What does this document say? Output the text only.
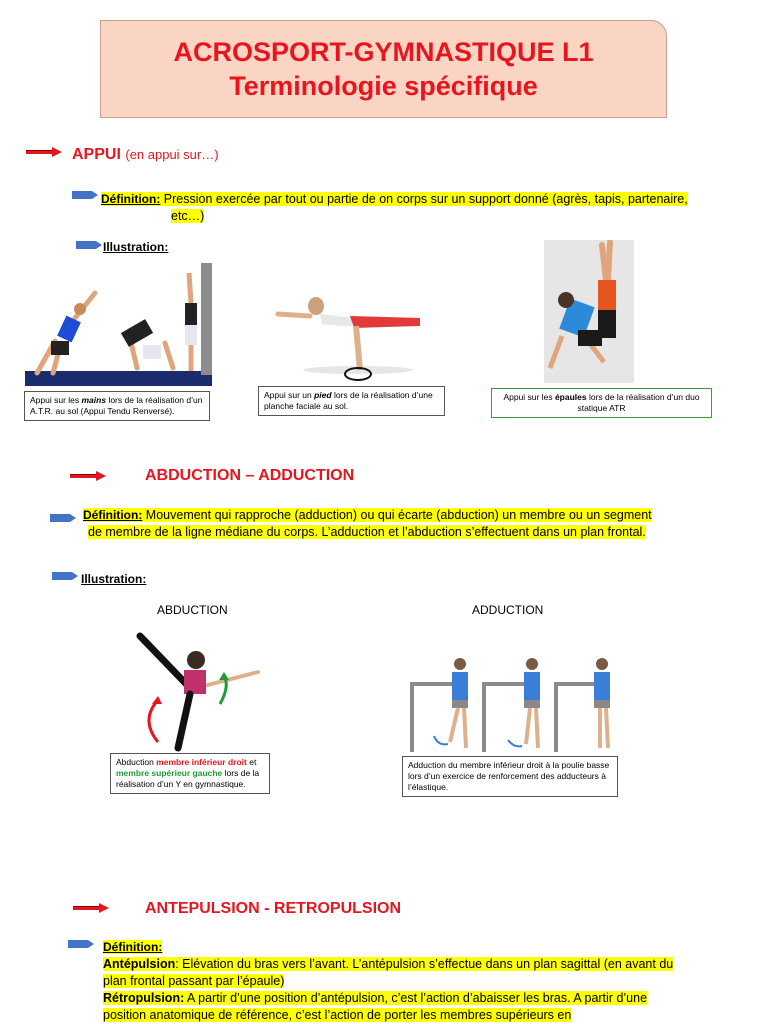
ACROSPORT-GYMNASTIQUE L1
Terminologie spécifique
APPUI (en appui sur…)
Définition: Pression exercée par tout ou partie de on corps sur un support donné (agrès, tapis, partenaire,
etc…)
Illustration:
Appui sur les mains lors de la réalisation d’un A.T.R. au sol (Appui Tendu Renversé).
Appui sur un pied lors de la réalisation d’une planche faciale au sol.
Appui sur les épaules lors de la réalisation d’un duo statique ATR
ABDUCTION – ADDUCTION
Définition: Mouvement qui rapproche (adduction) ou qui écarte (abduction) un membre ou un segment
de membre de la ligne médiane du corps. L’adduction et l’abduction s’effectuent dans un plan frontal.
Illustration:
ABDUCTION	ADDUCTION
Abduction membre inférieur droit et membre supérieur gauche lors de la réalisation d’un Y en gymnastique.
Adduction du membre inférieur droit à la poulie basse lors d’un exercice de renforcement des adducteurs à l’élastique.
ANTEPULSION - RETROPULSION
Définition:
Antépulsion: Elévation du bras vers l’avant. L’antépulsion s’effectue dans un plan sagittal (en avant du
plan frontal passant par l’épaule)
Rétropulsion: A partir d’une position d’antépulsion, c’est l’action d’abaisser les bras. A partir d’une
position anatomique de référence, c’est l’action de porter les membres supérieurs en
